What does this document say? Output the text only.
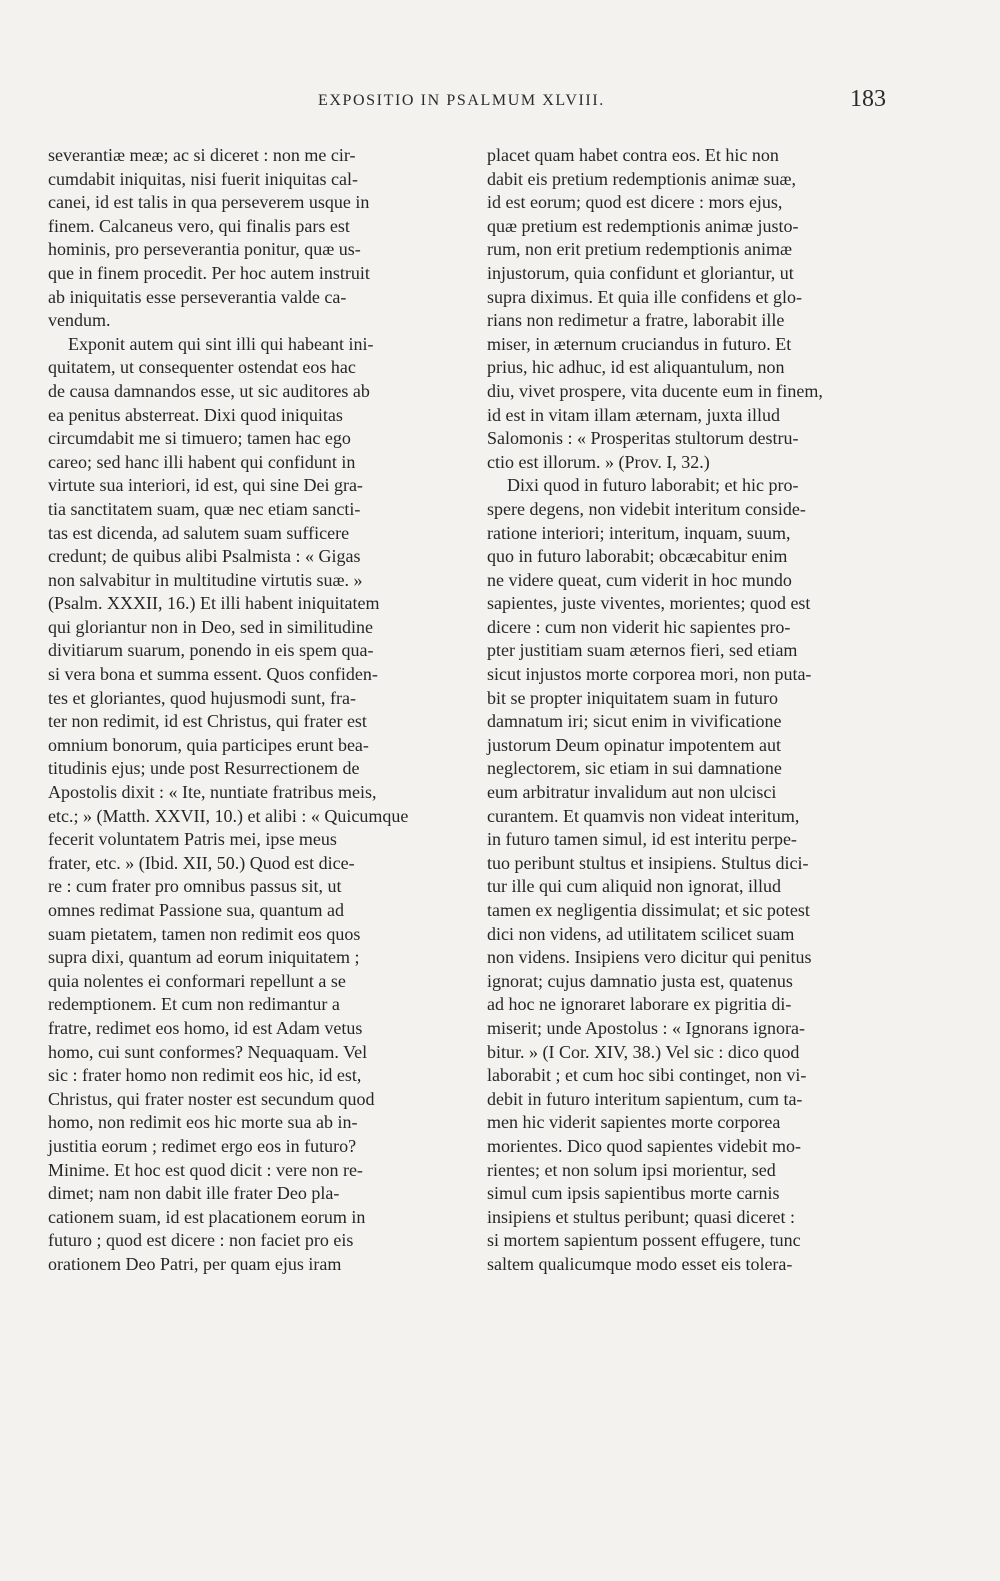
EXPOSITIO IN PSALMUM XLVIII.	183
severantiæ meæ; ac si diceret : non me cir-
cumdabit iniquitas, nisi fuerit iniquitas cal-
canei, id est talis in qua perseverem usque in
finem. Calcaneus vero, qui finalis pars est
hominis, pro perseverantia ponitur, quæ us-
que in finem procedit. Per hoc autem instruit
ab iniquitatis esse perseverantia valde ca-
vendum.
Exponit autem qui sint illi qui habeant ini-
quitatem, ut consequenter ostendat eos hac
de causa damnandos esse, ut sic auditores ab
ea penitus absterreat. Dixi quod iniquitas
circumdabit me si timuero; tamen hac ego
careo; sed hanc illi habent qui confidunt in
virtute sua interiori, id est, qui sine Dei gra-
tia sanctitatem suam, quæ nec etiam sancti-
tas est dicenda, ad salutem suam sufficere
credunt; de quibus alibi Psalmista : « Gigas
non salvabitur in multitudine virtutis suæ. »
(Psalm. XXXII, 16.) Et illi habent iniquitatem
qui gloriantur non in Deo, sed in similitudine
divitiarum suarum, ponendo in eis spem qua-
si vera bona et summa essent. Quos confiden-
tes et gloriantes, quod hujusmodi sunt, fra-
ter non redimit, id est Christus, qui frater est
omnium bonorum, quia participes erunt bea-
titudinis ejus; unde post Resurrectionem de
Apostolis dixit : « Ite, nuntiate fratribus meis,
etc.; » (Matth. XXVII, 10.) et alibi : « Quicumque
fecerit voluntatem Patris mei, ipse meus
frater, etc. » (Ibid. XII, 50.) Quod est dice-
re : cum frater pro omnibus passus sit, ut
omnes redimat Passione sua, quantum ad
suam pietatem, tamen non redimit eos quos
supra dixi, quantum ad eorum iniquitatem ;
quia nolentes ei conformari repellunt a se
redemptionem. Et cum non redimantur a
fratre, redimet eos homo, id est Adam vetus
homo, cui sunt conformes? Nequaquam. Vel
sic : frater homo non redimit eos hic, id est,
Christus, qui frater noster est secundum quod
homo, non redimit eos hic morte sua ab in-
justitia eorum ; redimet ergo eos in futuro?
Minime. Et hoc est quod dicit : vere non re-
dimet; nam non dabit ille frater Deo pla-
cationem suam, id est placationem eorum in
futuro ; quod est dicere : non faciet pro eis
orationem Deo Patri, per quam ejus iram
placet quam habet contra eos. Et hic non
dabit eis pretium redemptionis animæ suæ,
id est eorum; quod est dicere : mors ejus,
quæ pretium est redemptionis animæ justo-
rum, non erit pretium redemptionis animæ
injustorum, quia confidunt et gloriantur, ut
supra diximus. Et quia ille confidens et glo-
rians non redimetur a fratre, laborabit ille
miser, in æternum cruciandus in futuro. Et
prius, hic adhuc, id est aliquantulum, non
diu, vivet prospere, vita ducente eum in finem,
id est in vitam illam æternam, juxta illud
Salomonis : « Prosperitas stultorum destru-
ctio est illorum. » (Prov. I, 32.)
Dixi quod in futuro laborabit; et hic pro-
spere degens, non videbit interitum conside-
ratione interiori; interitum, inquam, suum,
quo in futuro laborabit; obcæcabitur enim
ne videre queat, cum viderit in hoc mundo
sapientes, juste viventes, morientes; quod est
dicere : cum non viderit hic sapientes pro-
pter justitiam suam æternos fieri, sed etiam
sicut injustos morte corporea mori, non puta-
bit se propter iniquitatem suam in futuro
damnatum iri; sicut enim in vivificatione
justorum Deum opinatur impotentem aut
neglectorem, sic etiam in sui damnatione
eum arbitratur invalidum aut non ulcisci
curantem. Et quamvis non videat interitum,
in futuro tamen simul, id est interitu perpe-
tuo peribunt stultus et insipiens. Stultus dici-
tur ille qui cum aliquid non ignorat, illud
tamen ex negligentia dissimulat; et sic potest
dici non videns, ad utilitatem scilicet suam
non videns. Insipiens vero dicitur qui penitus
ignorat; cujus damnatio justa est, quatenus
ad hoc ne ignoraret laborare ex pigritia di-
miserit; unde Apostolus : « Ignorans ignora-
bitur. » (I Cor. XIV, 38.) Vel sic : dico quod
laborabit ; et cum hoc sibi continget, non vi-
debit in futuro interitum sapientum, cum ta-
men hic viderit sapientes morte corporea
morientes. Dico quod sapientes videbit mo-
rientes; et non solum ipsi morientur, sed
simul cum ipsis sapientibus morte carnis
insipiens et stultus peribunt; quasi diceret :
si mortem sapientum possent effugere, tunc
saltem qualicumque modo esset eis tolera-
